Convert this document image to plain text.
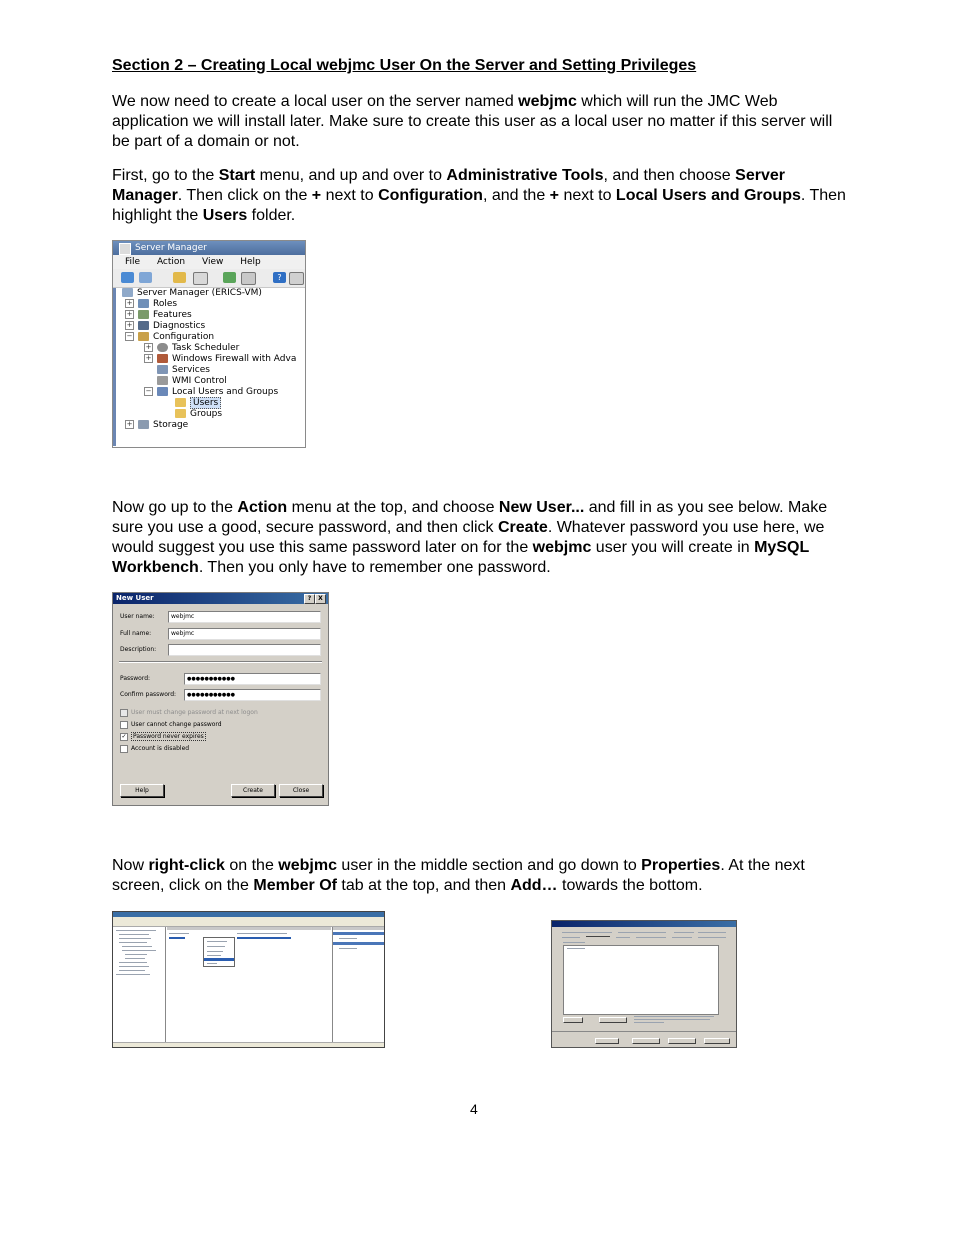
Section 2 – Creating Local webjmc User On the Server and Setting Privileges
We now need to create a local user on the server named webjmc which will run the JMC Web application we will install later. Make sure to create this user as a local user no matter if this server will be part of a domain or not.
First, go to the Start menu, and up and over to Administrative Tools, and then choose Server Manager. Then click on the + next to Configuration, and the + next to Local Users and Groups. Then highlight the Users folder.
Server Manager
File Action View Help
?
Server Manager (ERICS-VM)
+ Roles
+ Features
+ Diagnostics
− Configuration
+ Task Scheduler
+ Windows Firewall with Adva
Services
WMI Control
− Local Users and Groups
Users
Groups
+ Storage
Now go up to the Action menu at the top, and choose New User... and fill in as you see below. Make sure you use a good, secure password, and then click Create. Whatever password you use here, we would suggest you use this same password later on for the webjmc user you will create in MySQL Workbench. Then you only have to remember one password.
New User	?	X
User name:	webjmc
Full name:	webjmc
Description:
Password:	●●●●●●●●●●●
Confirm password:	●●●●●●●●●●●
User must change password at next logon
User cannot change password
✓ Password never expires
Account is disabled
Help	Create	Close
Now right-click on the webjmc user in the middle section and go down to Properties. At the next screen, click on the Member Of tab at the top, and then Add… towards the bottom.
4
